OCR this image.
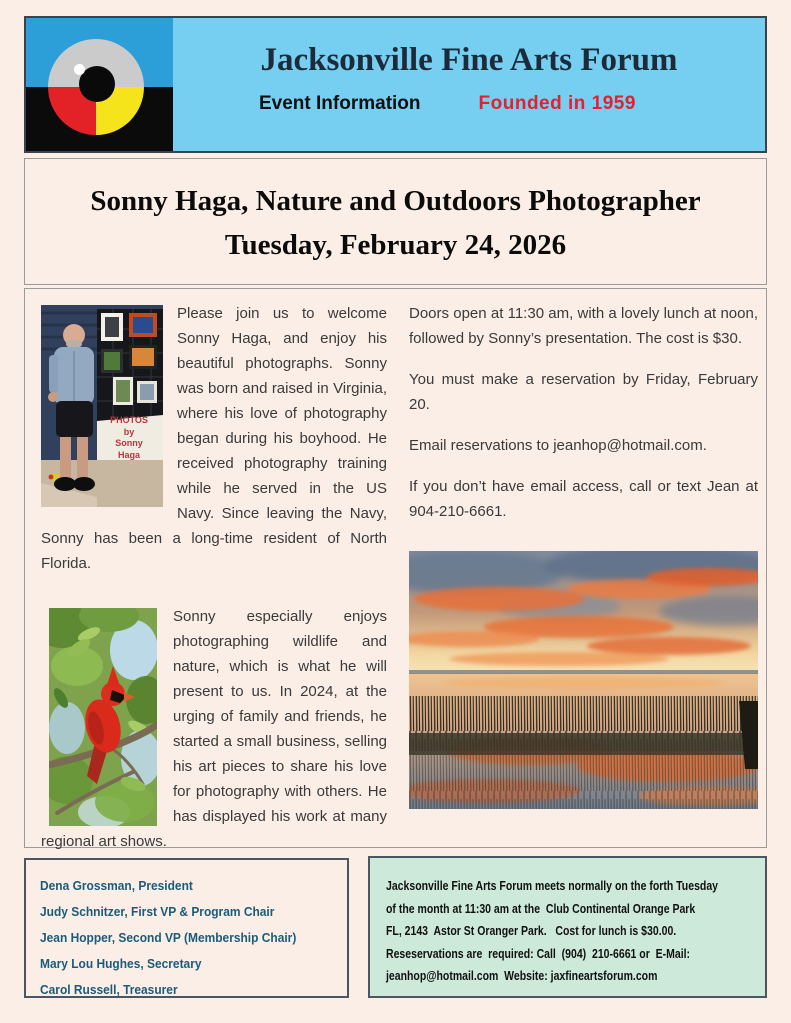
Jacksonville Fine Arts Forum
Event Information	Founded in 1959
Sonny Haga, Nature and Outdoors Photographer
Tuesday, February 24, 2026
PHOTOS
by
Sonny
Haga
Please join us to welcome Sonny Haga, and enjoy his beautiful photographs. Sonny was born and raised in Virginia, where his love of photography began during his boyhood. He received photography training while he served in the US Navy. Since leaving the Navy, Sonny has been a long-time resident of North Florida.
Sonny especially enjoys photographing wildlife and nature, which is what he will present to us. In 2024, at the urging of family and friends, he started a small business, selling his art pieces to share his love for photography with others. He has displayed his work at many regional art shows.
Doors open at 11:30 am, with a lovely lunch at noon, followed by Sonny’s presentation. The cost is $30.
You must make a reservation by Friday, February 20.
Email reservations to jeanhop@hotmail.com.
If you don’t have email access, call or text Jean at 904-210-6661.
Dena Grossman, President
Judy Schnitzer, First VP & Program Chair
Jean Hopper, Second VP (Membership Chair)
Mary Lou Hughes, Secretary
Carol Russell, Treasurer
Jacksonville Fine Arts Forum meets normally on the forth Tuesday
of the month at 11:30 am at the  Club Continental Orange Park
FL, 2143  Astor St Oranger Park.   Cost for lunch is $30.00.
Reseservations are  required: Call  (904)  210-6661 or  E-Mail:
jeanhop@hotmail.com  Website: jaxfineartsforum.com
